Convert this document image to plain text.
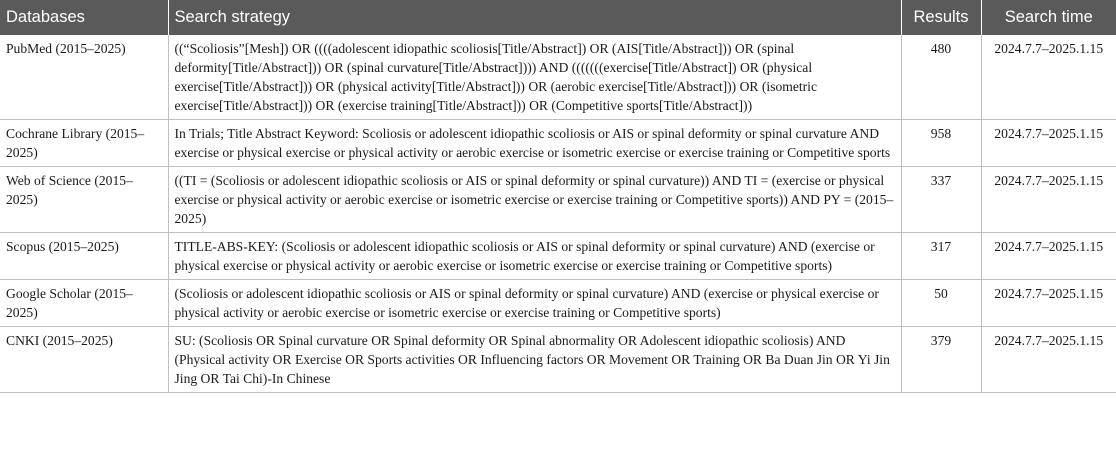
Databases	Search strategy	Results	Search time
PubMed (2015–2025)	((“Scoliosis”[Mesh]) OR ((((adolescent idiopathic scoliosis[Title/Abstract]) OR (AIS[Title/Abstract])) OR (spinal deformity[Title/Abstract])) OR (spinal curvature[Title/Abstract]))) AND (((((((exercise[Title/Abstract]) OR (physical exercise[Title/Abstract])) OR (physical activity[Title/Abstract])) OR (aerobic exercise[Title/Abstract])) OR (isometric exercise[Title/Abstract])) OR (exercise training[Title/Abstract])) OR (Competitive sports[Title/Abstract]))	480	2024.7.7–2025.1.15
Cochrane Library (2015–2025)	In Trials; Title Abstract Keyword: Scoliosis or adolescent idiopathic scoliosis or AIS or spinal deformity or spinal curvature AND exercise or physical exercise or physical activity or aerobic exercise or isometric exercise or exercise training or Competitive sports	958	2024.7.7–2025.1.15
Web of Science (2015–2025)	((TI = (Scoliosis or adolescent idiopathic scoliosis or AIS or spinal deformity or spinal curvature)) AND TI = (exercise or physical exercise or physical activity or aerobic exercise or isometric exercise or exercise training or Competitive sports)) AND PY = (2015–2025)	337	2024.7.7–2025.1.15
Scopus (2015–2025)	TITLE-ABS-KEY: (Scoliosis or adolescent idiopathic scoliosis or AIS or spinal deformity or spinal curvature) AND (exercise or physical exercise or physical activity or aerobic exercise or isometric exercise or exercise training or Competitive sports)	317	2024.7.7–2025.1.15
Google Scholar (2015–2025)	(Scoliosis or adolescent idiopathic scoliosis or AIS or spinal deformity or spinal curvature) AND (exercise or physical exercise or physical activity or aerobic exercise or isometric exercise or exercise training or Competitive sports)	50	2024.7.7–2025.1.15
CNKI (2015–2025)	SU: (Scoliosis OR Spinal curvature OR Spinal deformity OR Spinal abnormality OR Adolescent idiopathic scoliosis) AND (Physical activity OR Exercise OR Sports activities OR Influencing factors OR Movement OR Training OR Ba Duan Jin OR Yi Jin Jing OR Tai Chi)-In Chinese	379	2024.7.7–2025.1.15
